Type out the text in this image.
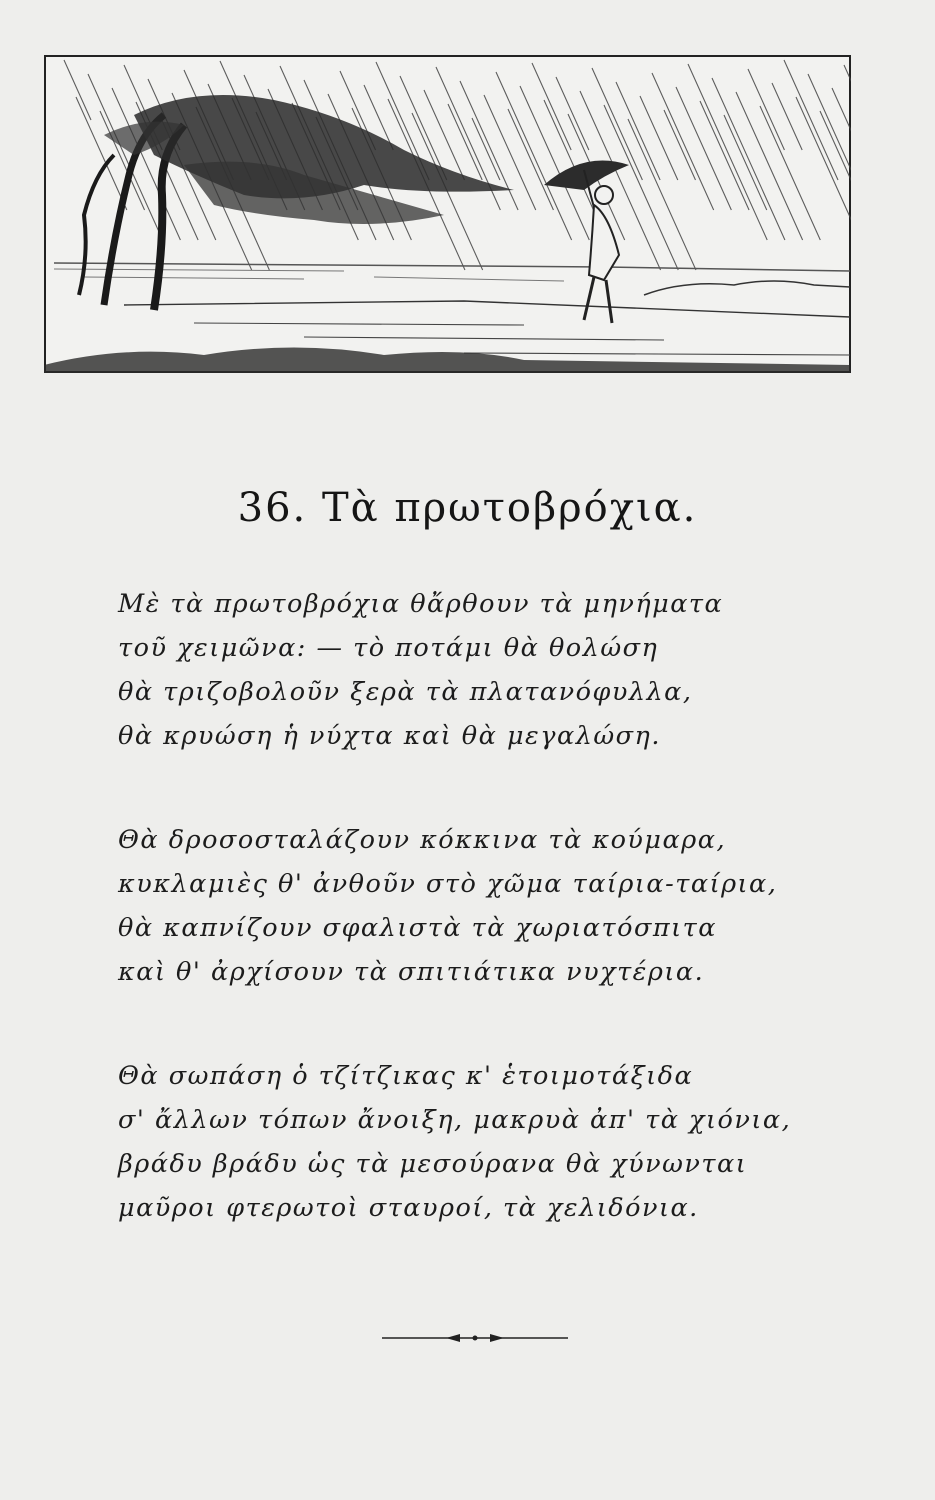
36. Τὰ πρωτοβρόχια.
Μὲ τὰ πρωτοβρόχια θἄρθουν τὰ μηνήματα
τοῦ χειμῶνα: — τὸ ποτάμι θὰ θολώση
θὰ τριζοβολοῦν ξερὰ τὰ πλατανόφυλλα,
θὰ κρυώση ἡ νύχτα καὶ θὰ μεγαλώση.
Θὰ δροσοσταλάζουν κόκκινα τὰ κούμαρα,
κυκλαμιὲς θ' ἀνθοῦν στὸ χῶμα ταίρια-ταίρια,
θὰ καπνίζουν σφαλιστὰ τὰ χωριατόσπιτα
καὶ θ' ἀρχίσουν τὰ σπιτιάτικα νυχτέρια.
Θὰ σωπάση ὁ τζίτζικας κ' ἑτοιμοτάξιδα
σ' ἄλλων τόπων ἄνοιξη, μακρυὰ ἀπ' τὰ χιόνια,
βράδυ βράδυ ὡς τὰ μεσούρανα θὰ χύνωνται
μαῦροι φτερωτοὶ σταυροί, τὰ χελιδόνια.
